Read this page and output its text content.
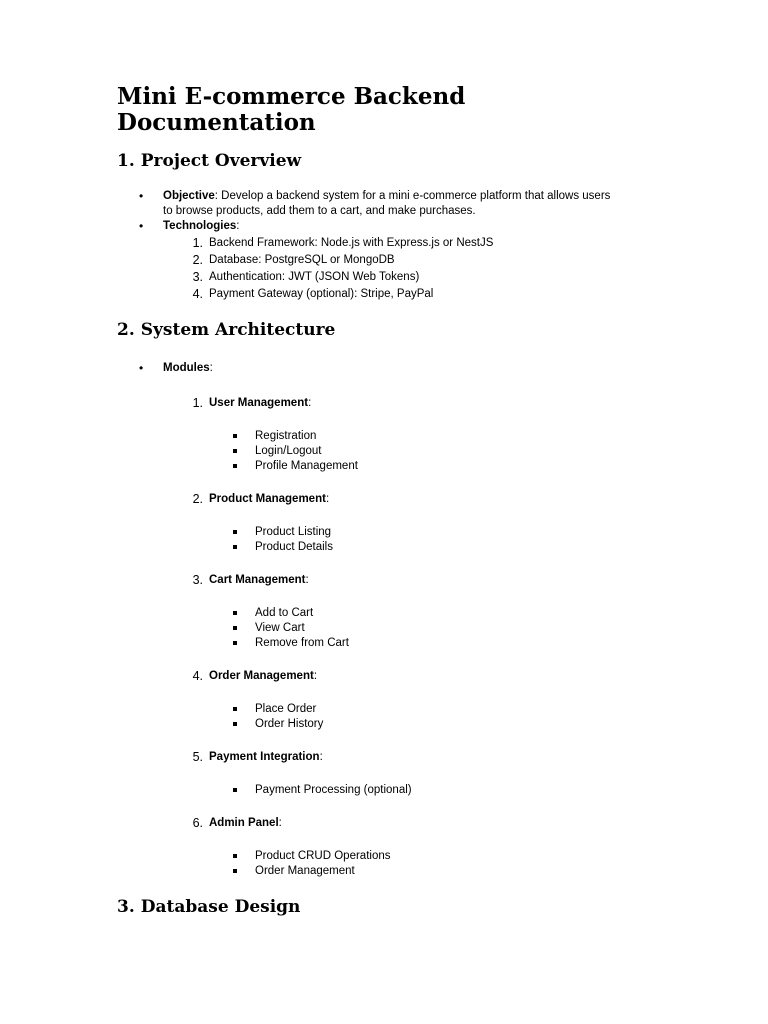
Mini E-commerce Backend Documentation
1. Project Overview
• Objective: Develop a backend system for a mini e-commerce platform that allows users to browse products, add them to a cart, and make purchases.
• Technologies:
1. Backend Framework: Node.js with Express.js or NestJS
2. Database: PostgreSQL or MongoDB
3. Authentication: JWT (JSON Web Tokens)
4. Payment Gateway (optional): Stripe, PayPal
2. System Architecture
• Modules:
1. User Management:
Registration
Login/Logout
Profile Management
2. Product Management:
Product Listing
Product Details
3. Cart Management:
Add to Cart
View Cart
Remove from Cart
4. Order Management:
Place Order
Order History
5. Payment Integration:
Payment Processing (optional)
6. Admin Panel:
Product CRUD Operations
Order Management
3. Database Design
